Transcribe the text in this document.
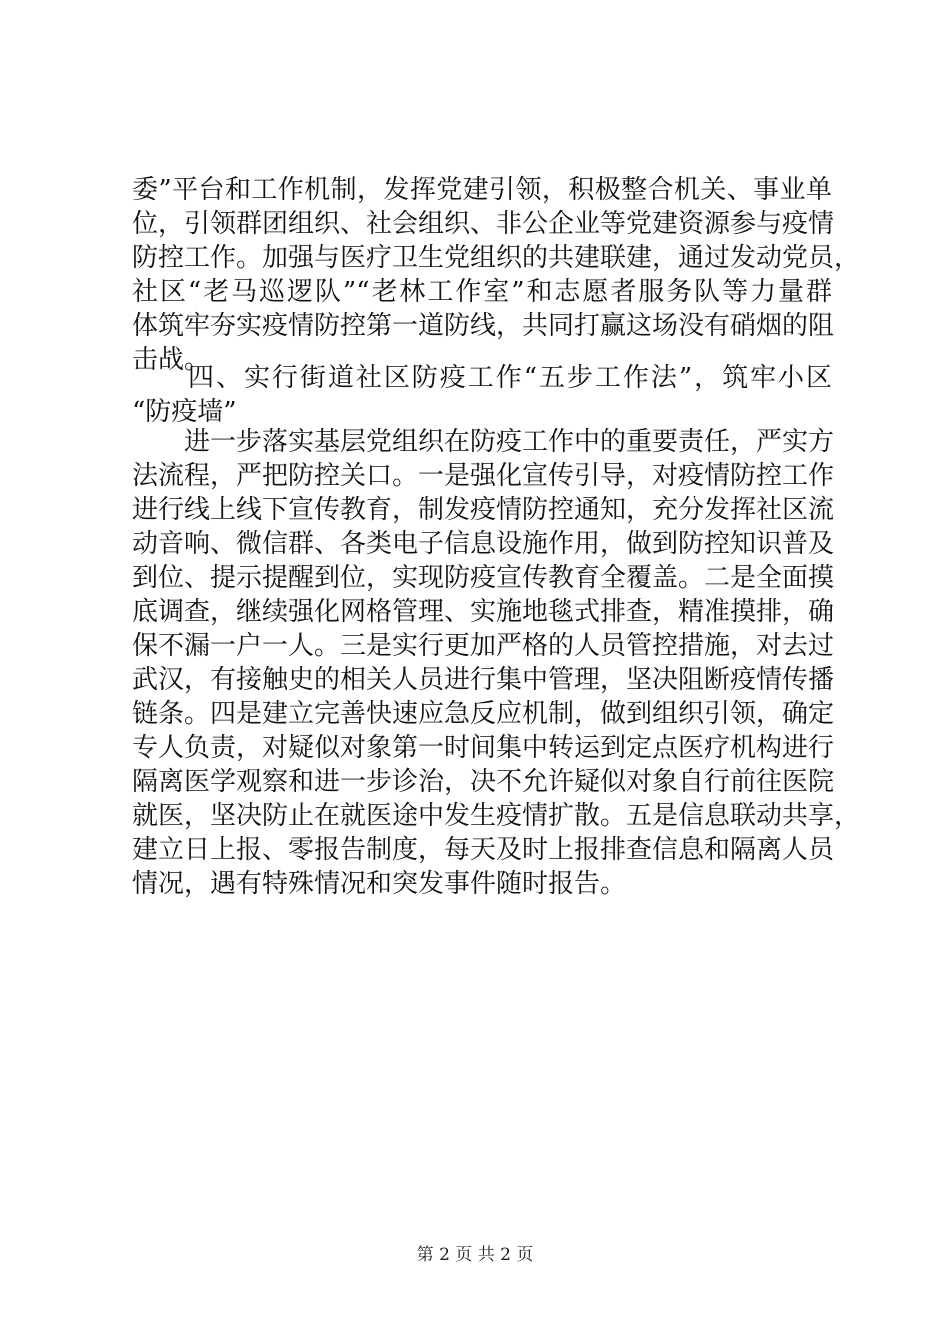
委”平台和工作机制，发挥党建引领，积极整合机关、事业单
位，引领群团组织、社会组织、非公企业等党建资源参与疫情
防控工作。加强与医疗卫生党组织的共建联建，通过发动党员，
社区“老马巡逻队”“老林工作室”和志愿者服务队等力量群
体筑牢夯实疫情防控第一道防线，共同打赢这场没有硝烟的阻
击战。
四、实行街道社区防疫工作“五步工作法”，筑牢小区
“防疫墙”
进一步落实基层党组织在防疫工作中的重要责任，严实方
法流程，严把防控关口。一是强化宣传引导，对疫情防控工作
进行线上线下宣传教育，制发疫情防控通知，充分发挥社区流
动音响、微信群、各类电子信息设施作用，做到防控知识普及
到位、提示提醒到位，实现防疫宣传教育全覆盖。二是全面摸
底调查，继续强化网格管理、实施地毯式排查，精准摸排，确
保不漏一户一人。三是实行更加严格的人员管控措施，对去过
武汉，有接触史的相关人员进行集中管理，坚决阻断疫情传播
链条。四是建立完善快速应急反应机制，做到组织引领，确定
专人负责，对疑似对象第一时间集中转运到定点医疗机构进行
隔离医学观察和进一步诊治，决不允许疑似对象自行前往医院
就医，坚决防止在就医途中发生疫情扩散。五是信息联动共享，
建立日上报、零报告制度，每天及时上报排查信息和隔离人员
情况，遇有特殊情况和突发事件随时报告。
第 2 页 共 2 页
